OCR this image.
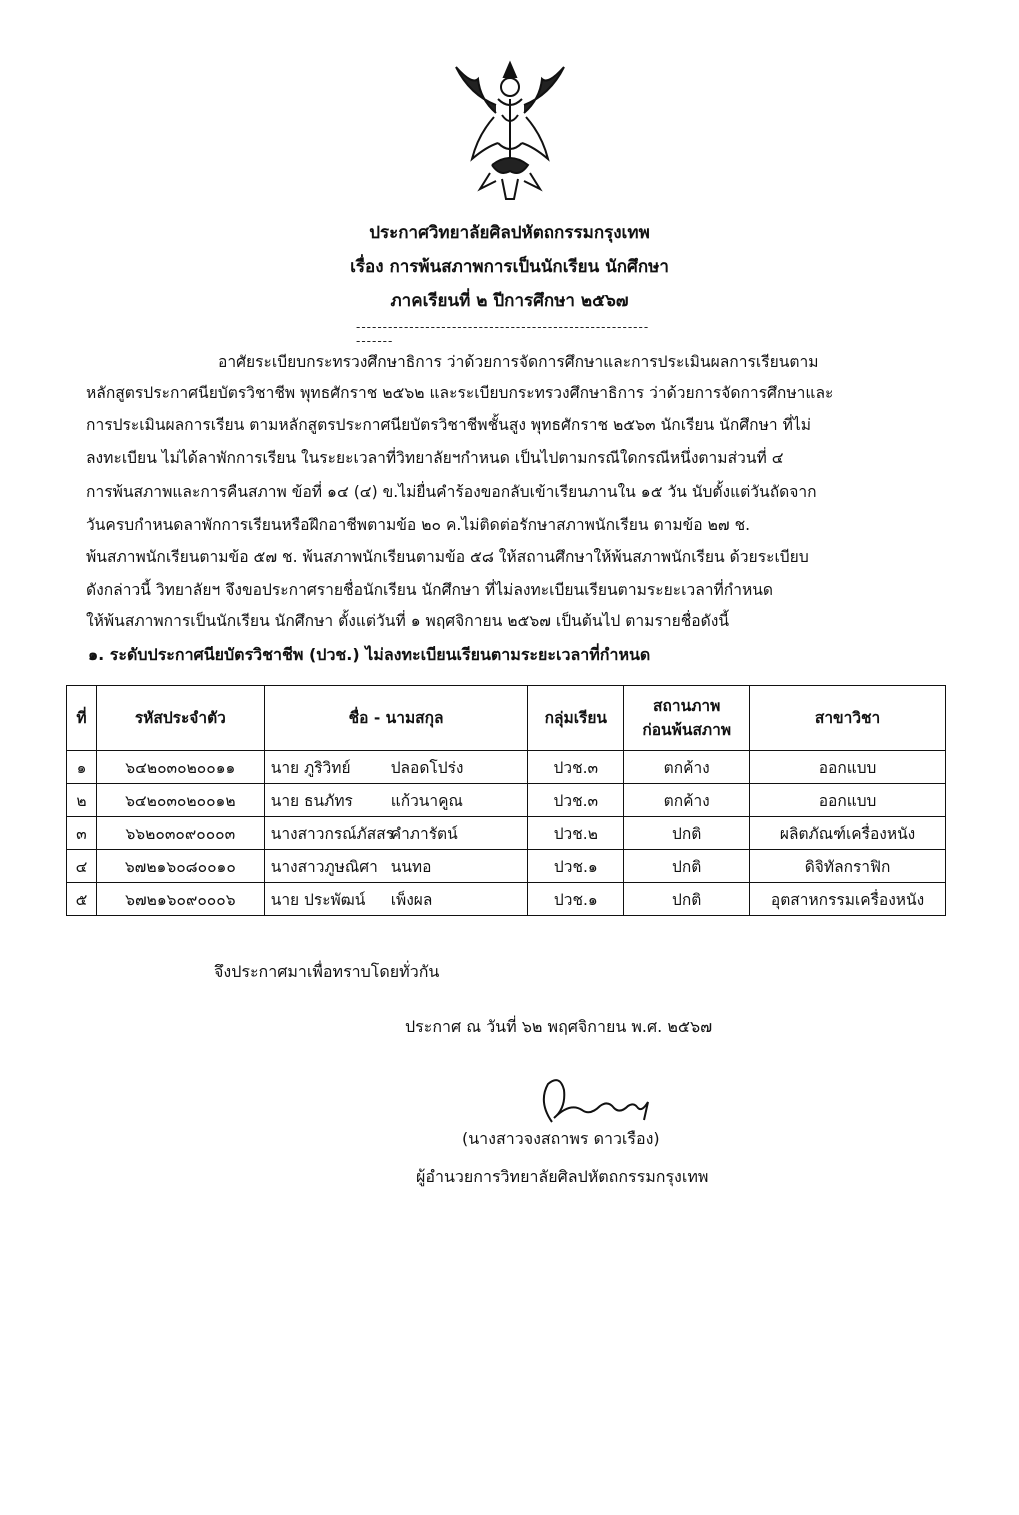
ประกาศวิทยาลัยศิลปหัตถกรรมกรุงเทพ
เรื่อง การพ้นสภาพการเป็นนักเรียน นักศึกษา
ภาคเรียนที่ ๒ ปีการศึกษา ๒๕๖๗
--------------------------------------------------------------
อาศัยระเบียบกระทรวงศึกษาธิการ ว่าด้วยการจัดการศึกษาและการประเมินผลการเรียนตาม
หลักสูตรประกาศนียบัตรวิชาชีพ พุทธศักราช ๒๕๖๒ และระเบียบกระทรวงศึกษาธิการ ว่าด้วยการจัดการศึกษาและ
การประเมินผลการเรียน ตามหลักสูตรประกาศนียบัตรวิชาชีพชั้นสูง พุทธศักราช ๒๕๖๓ นักเรียน นักศึกษา ที่ไม่
ลงทะเบียน ไม่ได้ลาพักการเรียน ในระยะเวลาที่วิทยาลัยฯกำหนด เป็นไปตามกรณีใดกรณีหนึ่งตามส่วนที่ ๔
การพ้นสภาพและการคืนสภาพ ข้อที่ ๑๔ (๔) ข.ไม่ยื่นคำร้องขอกลับเข้าเรียนภานใน ๑๕ วัน นับตั้งแต่วันถัดจาก
วันครบกำหนดลาพักการเรียนหรือฝึกอาชีพตามข้อ ๒๐ ค.ไม่ติดต่อรักษาสภาพนักเรียน ตามข้อ ๒๗ ช.
พ้นสภาพนักเรียนตามข้อ ๕๗ ช. พ้นสภาพนักเรียนตามข้อ ๕๘ ให้สถานศึกษาให้พ้นสภาพนักเรียน ด้วยระเบียบ
ดังกล่าวนี้ วิทยาลัยฯ จึงขอประกาศรายชื่อนักเรียน นักศึกษา ที่ไม่ลงทะเบียนเรียนตามระยะเวลาที่กำหนด
ให้พ้นสภาพการเป็นนักเรียน นักศึกษา ตั้งแต่วันที่ ๑ พฤศจิกายน ๒๕๖๗ เป็นต้นไป ตามรายชื่อดังนี้
๑. ระดับประกาศนียบัตรวิชาชีพ (ปวช.) ไม่ลงทะเบียนเรียนตามระยะเวลาที่กำหนด
ที่	รหัสประจำตัว	ชื่อ - นามสกุล	กลุ่มเรียน	สถานภาพ
ก่อนพ้นสภาพ	สาขาวิชา
๑	๖๔๒๐๓๐๒๐๐๑๑	นาย ภูริวิทย์ ปลอดโปร่ง	ปวช.๓	ตกค้าง	ออกแบบ
๒	๖๔๒๐๓๐๒๐๐๑๒	นาย ธนภัทร แก้วนาคูณ	ปวช.๓	ตกค้าง	ออกแบบ
๓	๖๖๒๐๓๐๙๐๐๐๓	นางสาวกรณ์ภัสสรคำภารัตน์	ปวช.๒	ปกติ	ผลิตภัณฑ์เครื่องหนัง
๔	๖๗๒๑๖๐๘๐๐๑๐	นางสาวภูษณิศา นนทอ	ปวช.๑	ปกติ	ดิจิทัลกราฟิก
๕	๖๗๒๑๖๐๙๐๐๐๖	นาย ประพัฒน์ เพ็งผล	ปวช.๑	ปกติ	อุตสาหกรรมเครื่องหนัง
จึงประกาศมาเพื่อทราบโดยทั่วกัน
ประกาศ ณ วันที่ ๖๒ พฤศจิกายน พ.ศ. ๒๕๖๗
(นางสาวจงสถาพร ดาวเรือง)
ผู้อำนวยการวิทยาลัยศิลปหัตถกรรมกรุงเทพ
